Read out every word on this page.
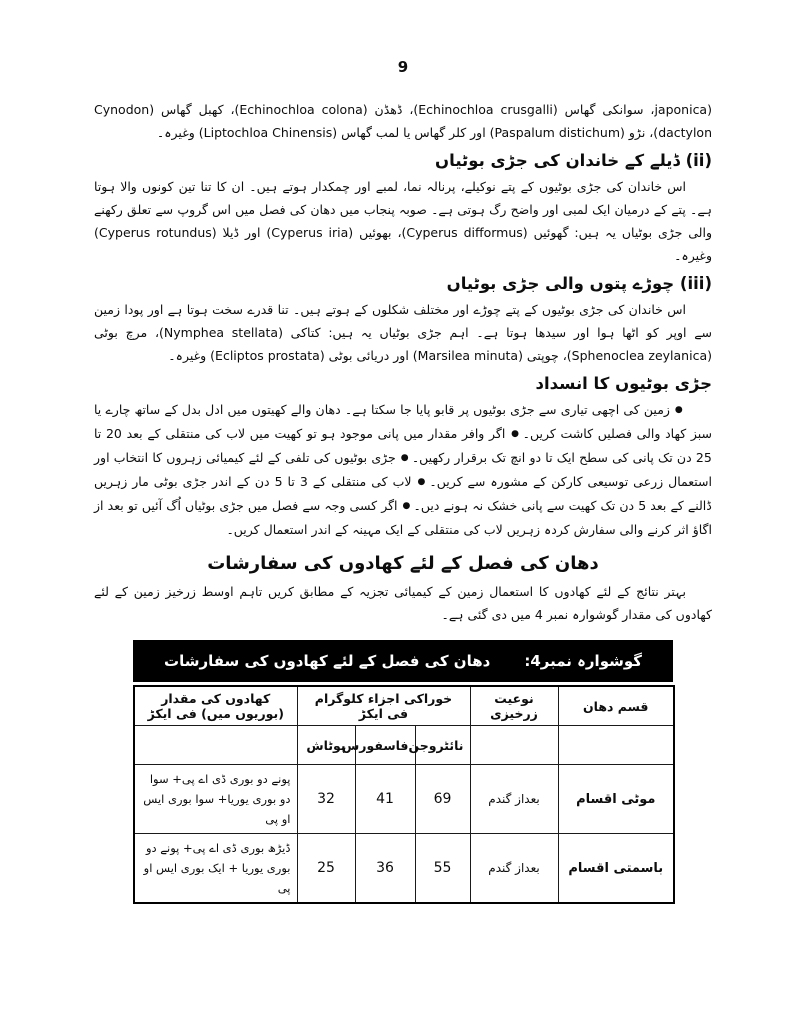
9

(japonica، سوانکی گھاس (Echinochloa crusgalli)، ڈھڈن (Echinochloa colona)، کھبل گھاس (Cynodon dactylon)، نڑو (Paspalum distichum) اور کلر گھاس یا لمب گھاس (Liptochloa Chinensis) وغیرہ۔

(ii) ڈیلے کے خاندان کی جڑی بوٹیاں

اس خاندان کی جڑی بوٹیوں کے پتے نوکیلے، پرنالہ نما، لمبے اور چمکدار ہوتے ہیں۔ ان کا تنا تین کونوں والا ہوتا ہے۔ پتے کے درمیان ایک لمبی اور واضح رگ ہوتی ہے۔ صوبہ پنجاب میں دھان کی فصل میں اس گروپ سے تعلق رکھنے والی جڑی بوٹیاں یہ ہیں: گھوئیں (Cyperus difformus)، بھوئیں (Cyperus iria) اور ڈیلا (Cyperus rotundus) وغیرہ۔

(iii) چوڑے پتوں والی جڑی بوٹیاں

اس خاندان کی جڑی بوٹیوں کے پتے چوڑے اور مختلف شکلوں کے ہوتے ہیں۔ تنا قدرے سخت ہوتا ہے اور پودا زمین سے اوپر کو اٹھا ہوا اور سیدھا ہوتا ہے۔ اہم جڑی بوٹیاں یہ ہیں: کتاکی (Nymphea stellata)، مرچ بوٹی (Sphenoclea zeylanica)، چوپتی (Marsilea minuta) اور دریائی بوٹی (Ecliptos prostata) وغیرہ۔

جڑی بوٹیوں کا انسداد

●زمین کی اچھی تیاری سے جڑی بوٹیوں پر قابو پایا جا سکتا ہے۔ دھان والے کھیتوں میں ادل بدل کے ساتھ چارے یا سبز کھاد والی فصلیں کاشت کریں۔●اگر وافر مقدار میں پانی موجود ہو تو کھیت میں لاب کی منتقلی کے بعد 20 تا 25 دن تک پانی کی سطح ایک تا دو انچ تک برقرار رکھیں۔●جڑی بوٹیوں کی تلفی کے لئے کیمیائی زہروں کا انتخاب اور استعمال زرعی توسیعی کارکن کے مشورہ سے کریں۔●لاب کی منتقلی کے 3 تا 5 دن کے اندر جڑی بوٹی مار زہریں ڈالنے کے بعد 5 دن تک کھیت سے پانی خشک نہ ہونے دیں۔●اگر کسی وجہ سے فصل میں جڑی بوٹیاں اُگ آئیں تو بعد از اگاؤ اثر کرنے والی سفارش کردہ زہریں لاب کی منتقلی کے ایک مہینہ کے اندر استعمال کریں۔

دھان کی فصل کے لئے کھادوں کی سفارشات

بہتر نتائج کے لئے کھادوں کا استعمال زمین کے کیمیائی تجزیہ کے مطابق کریں تاہم اوسط زرخیز زمین کے لئے کھادوں کی مقدار گوشوارہ نمبر 4 میں دی گئی ہے۔

گوشوارہ نمبر4:
دھان کی فصل کے لئے کھادوں کی سفارشات
قسم دھان	نوعیت زرخیزی	خوراکی اجزاء کلوگرام فی ایکڑ			کھادوں کی مقدار (بوریوں میں) فی ایکڑ
		نائٹروجن	فاسفورس	پوٹاش	
موٹی اقسام	بعداز گندم	69	41	32	پونے دو بوری ڈی اے پی+ سوا دو بوری یوریا+ سوا بوری ایس او پی
باسمتی اقسام	بعداز گندم	55	36	25	ڈیڑھ بوری ڈی اے پی+ پونے دو بوری یوریا + ایک بوری ایس او پی
